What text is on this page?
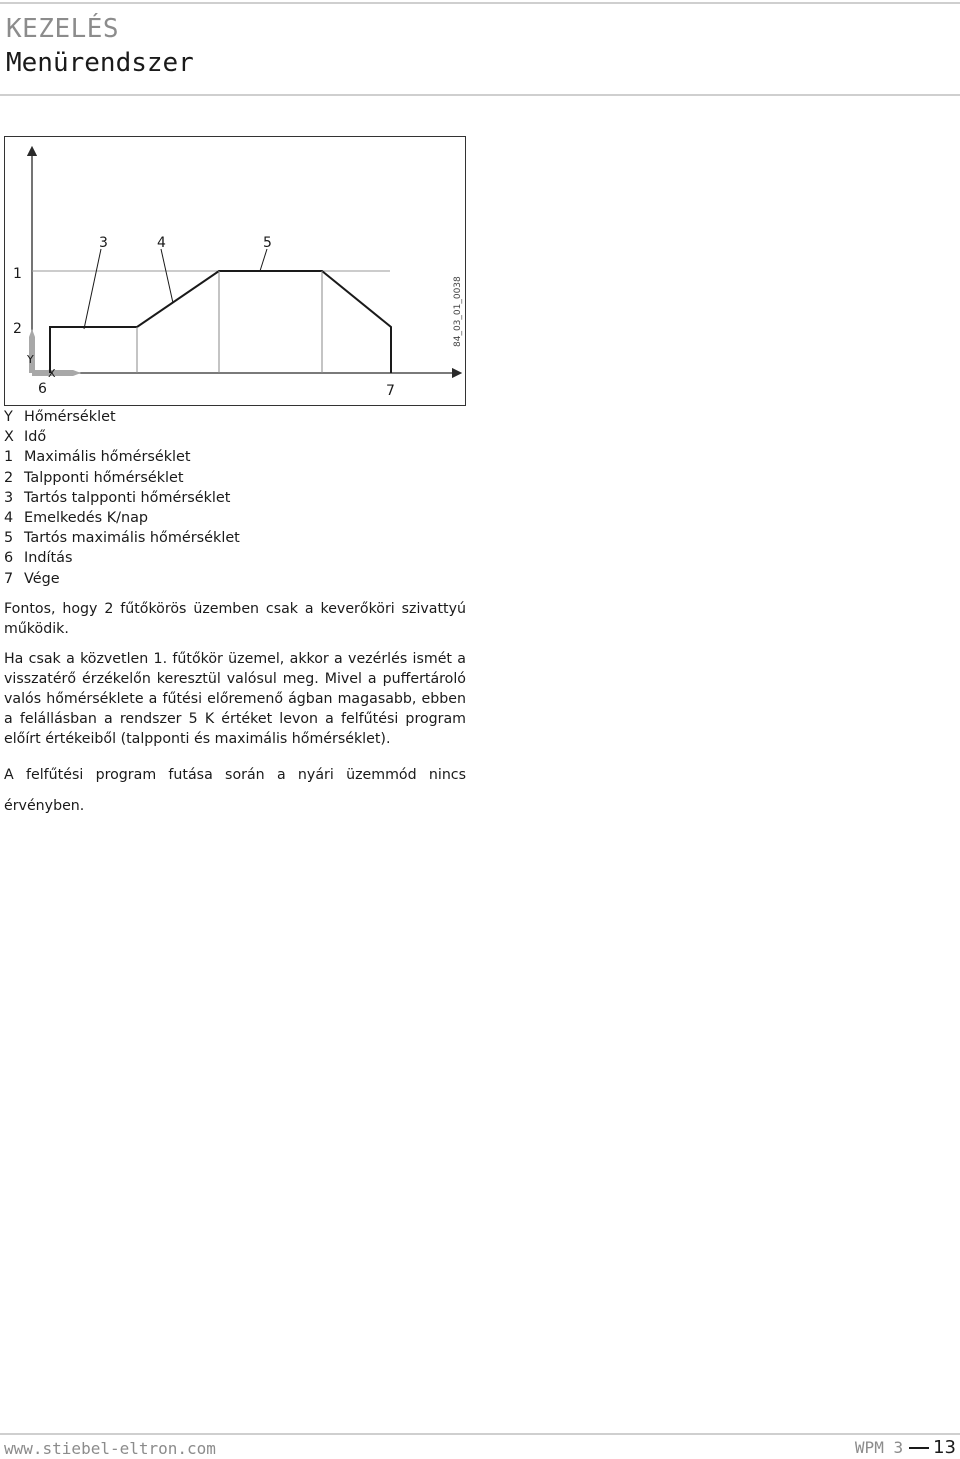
KEZELÉS
Menürendszer
1
2
3	4	5
6	7
Y
X
84_03_01_0038
Y Hőmérséklet
X Idő
1 Maximális hőmérséklet
2 Talpponti hőmérséklet
3 Tartós talpponti hőmérséklet
4 Emelkedés K/nap
5 Tartós maximális hőmérséklet
6 Indítás
7 Vége

Fontos, hogy 2 fűtőkörös üzemben csak a keverőköri szivattyú működik.

Ha csak a közvetlen 1. fűtőkör üzemel, akkor a vezérlés ismét a visszatérő érzékelőn keresztül valósul meg. Mivel a puffertároló valós hőmérséklete a fűtési előremenő ágban magasabb, ebben a felállásban a rendszer 5 K értéket levon a felfűtési program előírt értékeiből (talpponti és maximális hőmérséklet).

A felfűtési program futása során a nyári üzemmód nincs érvényben.

www.stiebel-eltron.com	WPM 3 13
